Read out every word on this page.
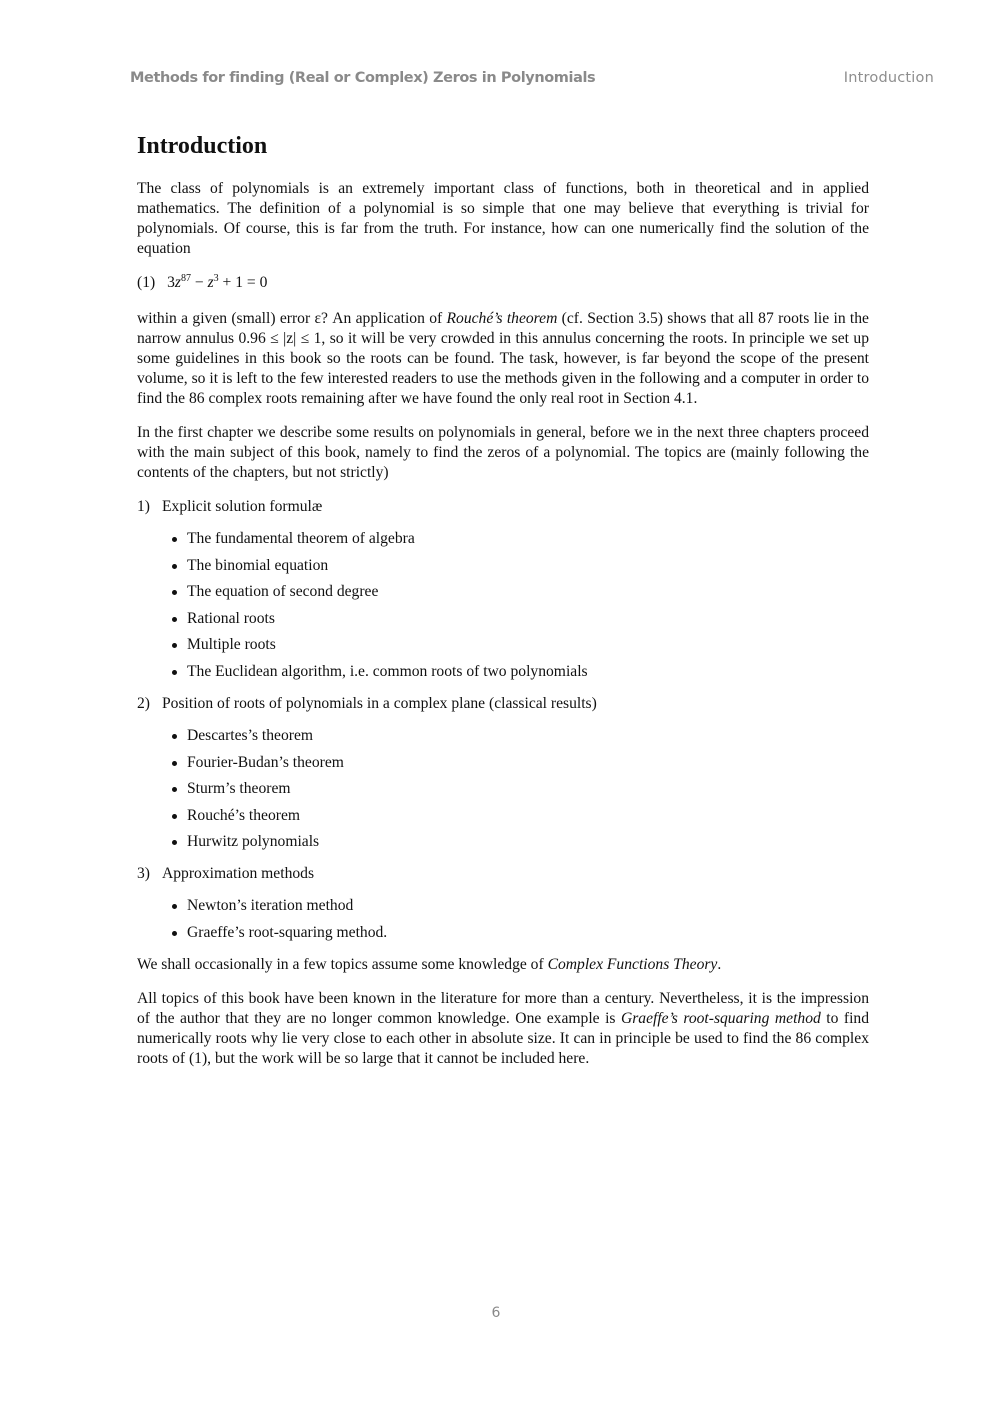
Methods for finding (Real or Complex) Zeros in Polynomials	Introduction
Introduction

The class of polynomials is an extremely important class of functions, both in theoretical and in applied mathematics. The definition of a polynomial is so simple that one may believe that everything is trivial for polynomials. Of course, this is far from the truth. For instance, how can one numerically find the solution of the equation

(1) $3z^{87} - z^3 + 1 = 0$

within a given (small) error ε? An application of Rouché’s theorem (cf. Section 3.5) shows that all 87 roots lie in the narrow annulus 0.96 ≤ |z| ≤ 1, so it will be very crowded in this annulus concerning the roots. In principle we set up some guidelines in this book so the roots can be found. The task, however, is far beyond the scope of the present volume, so it is left to the few interested readers to use the methods given in the following and a computer in order to find the 86 complex roots remaining after we have found the only real root in Section 4.1.

In the first chapter we describe some results on polynomials in general, before we in the next three chapters proceed with the main subject of this book, namely to find the zeros of a polynomial. The topics are (mainly following the contents of the chapters, but not strictly)

1) Explicit solution formulæ
The fundamental theorem of algebra
The binomial equation
The equation of second degree
Rational roots
Multiple roots
The Euclidean algorithm, i.e. common roots of two polynomials
2) Position of roots of polynomials in a complex plane (classical results)
Descartes’s theorem
Fourier-Budan’s theorem
Sturm’s theorem
Rouché’s theorem
Hurwitz polynomials
3) Approximation methods
Newton’s iteration method
Graeffe’s root-squaring method.

We shall occasionally in a few topics assume some knowledge of Complex Functions Theory.

All topics of this book have been known in the literature for more than a century. Nevertheless, it is the impression of the author that they are no longer common knowledge. One example is Graeffe’s root-squaring method to find numerically roots why lie very close to each other in absolute size. It can in principle be used to find the 86 complex roots of (1), but the work will be so large that it cannot be included here.

6
